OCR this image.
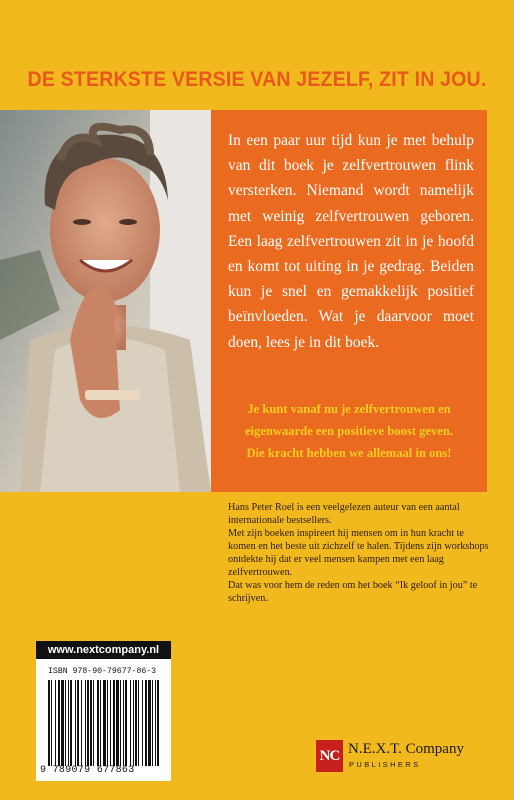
DE STERKSTE VERSIE VAN JEZELF, ZIT IN JOU.
In een paar uur tijd kun je met behulp van dit boek je zelfvertrouwen flink versterken. Niemand wordt namelijk met weinig zelfvertrouwen geboren. Een laag zelfvertrouwen zit in je hoofd en komt tot uiting in je gedrag. Beiden kun je snel en gemakkelijk positief beïnvloeden. Wat je daarvoor moet doen, lees je in dit boek.
Je kunt vanaf nu je zelfvertrouwen en
eigenwaarde een positieve boost geven.
Die kracht hebben we allemaal in ons!

Hans Peter Roel is een veelgelezen auteur van een aantal internationale bestsellers.

Met zijn boeken inspireert hij mensen om in hun kracht te komen en het beste uit zichzelf te halen. Tijdens zijn workshops ontdekte hij dat er veel mensen kampen met een laag zelfvertrouwen.

Dat was voor hem de reden om het boek “Ik geloof in jou” te schrijven.

www.nextcompany.nl
ISBN 978-90-79677-86-3
9 789079 677863
NC N.E.X.T. Company
PUBLISHERS
